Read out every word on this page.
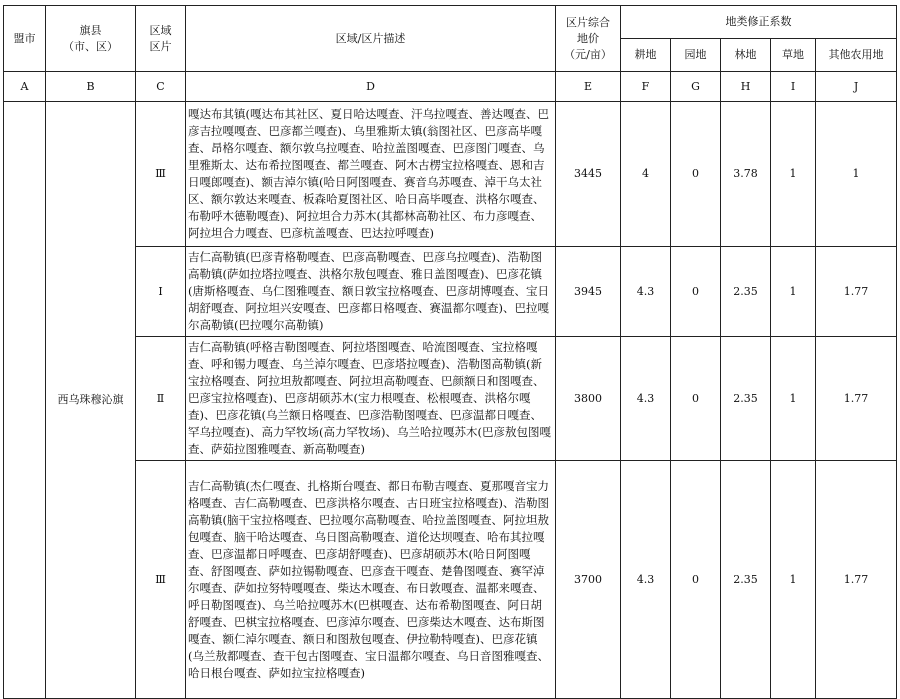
盟市	旗县
（市、区）	区域
区片	区域/区片描述	区片综合
地价
（元/亩）	地类修正系数				
					耕地	园地	林地	草地	其他农用地
A	B	C	D	E	F	G	H	I	J
	西乌珠穆沁旗	Ⅲ	嘎达布其镇(嘎达布其社区、夏日哈达嘎查、汗乌拉嘎查、善达嘎查、巴彦吉拉嘎嘎查、巴彦都兰嘎查)、乌里雅斯太镇(翁图社区、巴彦高毕嘎查、昂格尔嘎查、额尔敦乌拉嘎查、哈拉盖图嘎查、巴彦图门嘎查、乌里雅斯太、达布希拉图嘎查、都兰嘎查、阿木古楞宝拉格嘎查、恩和吉日嘎郎嘎查)、额吉淖尔镇(哈日阿图嘎查、赛音乌苏嘎查、淖干乌太社区、额尔敦达来嘎查、板森哈夏图社区、哈日高毕嘎查、洪格尔嘎查、布勒呼木德勒嘎查)、阿拉坦合力苏木(其都林高勒社区、布力彦嘎查、阿拉坦合力嘎查、巴彦杭盖嘎查、巴达拉呼嘎查)	3445	4	0	3.78	1	1
		Ⅰ	吉仁高勒镇(巴彦青格勒嘎查、巴彦高勒嘎查、巴彦乌拉嘎查)、浩勒图高勒镇(萨如拉塔拉嘎查、洪格尔敖包嘎查、雅日盖图嘎查)、巴彦花镇(唐斯格嘎查、乌仁图雅嘎查、额日敦宝拉格嘎查、巴彦胡博嘎查、宝日胡舒嘎查、阿拉坦兴安嘎查、巴彦都日格嘎查、赛温都尔嘎查)、巴拉嘎尔高勒镇(巴拉嘎尔高勒镇)	3945	4.3	0	2.35	1	1.77
		Ⅱ	吉仁高勒镇(呼格吉勒图嘎查、阿拉塔图嘎查、哈流图嘎查、宝拉格嘎查、呼和锡力嘎查、乌兰淖尔嘎查、巴彦塔拉嘎查)、浩勒图高勒镇(新宝拉格嘎查、阿拉坦敖都嘎查、阿拉坦高勒嘎查、巴颜额日和图嘎查、巴彦宝拉格嘎查)、巴彦胡硕苏木(宝力根嘎查、松根嘎查、洪格尔嘎查)、巴彦花镇(乌兰额日格嘎查、巴彦浩勒图嘎查、巴彦温都日嘎查、罕乌拉嘎查)、高力罕牧场(高力罕牧场)、乌兰哈拉嘎苏木(巴彦敖包图嘎查、萨茹拉图雅嘎查、新高勒嘎查)	3800	4.3	0	2.35	1	1.77
		Ⅲ	吉仁高勒镇(杰仁嘎查、扎格斯台嘎查、都日布勒吉嘎查、夏那嘎音宝力格嘎查、吉仁高勒嘎查、巴彦洪格尔嘎查、古日班宝拉格嘎查)、浩勒图高勒镇(脑干宝拉格嘎查、巴拉嘎尔高勒嘎查、哈拉盖图嘎查、阿拉坦敖包嘎查、脑干哈达嘎查、乌日图高勒嘎查、道伦达坝嘎查、哈布其拉嘎查、巴彦温都日呼嘎查、巴彦胡舒嘎查)、巴彦胡硕苏木(哈日阿图嘎查、舒图嘎查、萨如拉锡勒嘎查、巴彦查干嘎查、楚鲁图嘎查、赛罕淖尔嘎查、萨如拉努特嘎嘎查、柴达木嘎查、布日敦嘎查、温都来嘎查、呼日勒图嘎查)、乌兰哈拉嘎苏木(巴棋嘎查、达布希勒图嘎查、阿日胡舒嘎查、巴棋宝拉格嘎查、巴彦淖尔嘎查、巴彦柴达木嘎查、达布斯图嘎查、额仁淖尔嘎查、额日和图敖包嘎查、伊拉勒特嘎查)、巴彦花镇(乌兰敖都嘎查、查干包古图嘎查、宝日温都尔嘎查、乌日音图雅嘎查、哈日根台嘎查、萨如拉宝拉格嘎查)	3700	4.3	0	2.35	1	1.77
